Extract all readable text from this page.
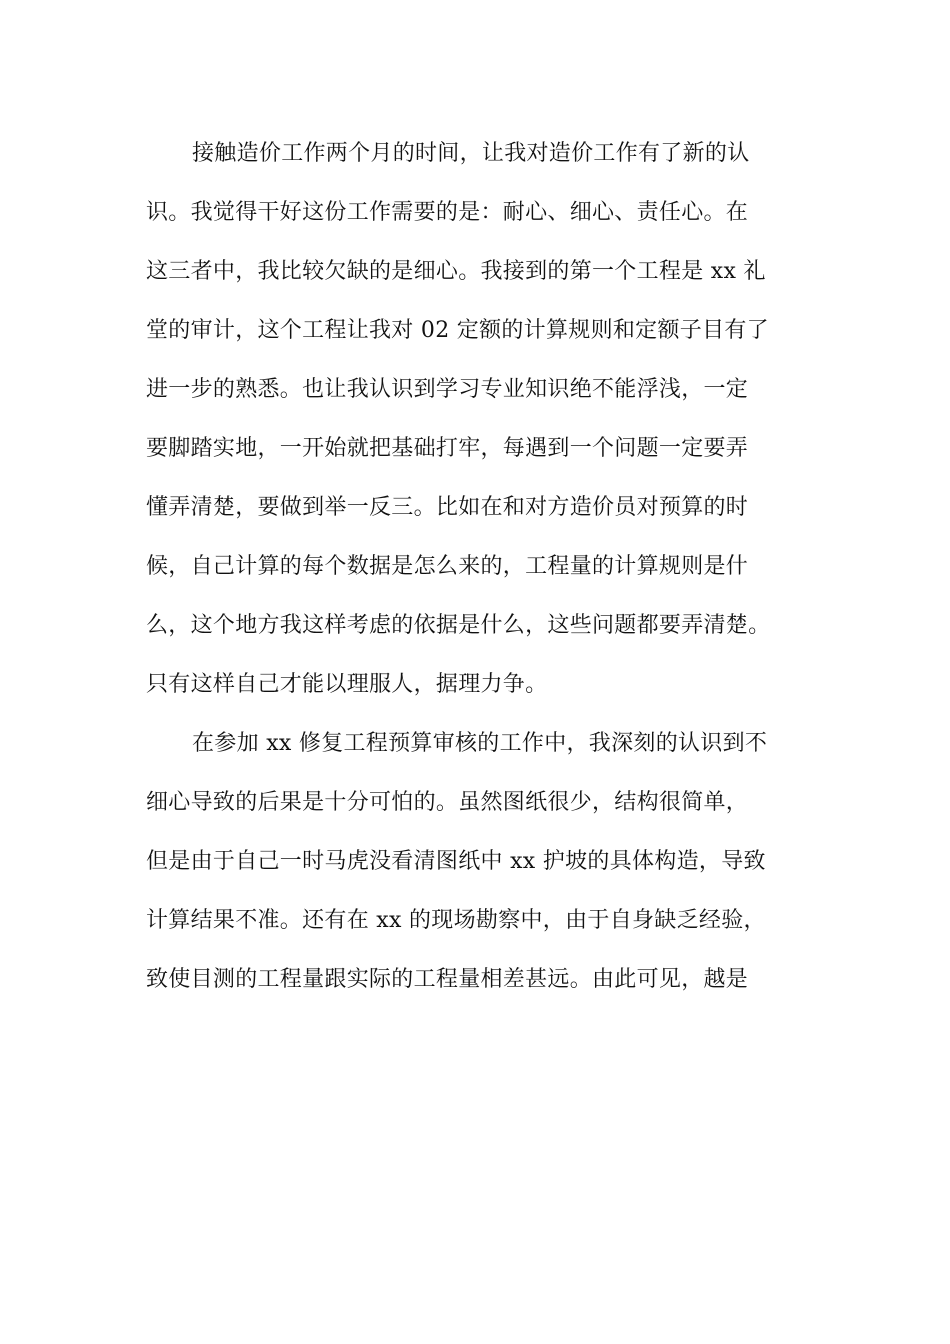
接触造价工作两个月的时间，让我对造价工作有了新的认
识。我觉得干好这份工作需要的是：耐心、细心、责任心。在
这三者中，我比较欠缺的是细心。我接到的第一个工程是 xx 礼
堂的审计，这个工程让我对 02 定额的计算规则和定额子目有了
进一步的熟悉。也让我认识到学习专业知识绝不能浮浅，一定
要脚踏实地，一开始就把基础打牢，每遇到一个问题一定要弄
懂弄清楚，要做到举一反三。比如在和对方造价员对预算的时
候，自己计算的每个数据是怎么来的，工程量的计算规则是什
么，这个地方我这样考虑的依据是什么，这些问题都要弄清楚。
只有这样自己才能以理服人，据理力争。
在参加 xx 修复工程预算审核的工作中，我深刻的认识到不
细心导致的后果是十分可怕的。虽然图纸很少，结构很简单，
但是由于自己一时马虎没看清图纸中 xx 护坡的具体构造，导致
计算结果不准。还有在 xx 的现场勘察中，由于自身缺乏经验，
致使目测的工程量跟实际的工程量相差甚远。由此可见，越是
